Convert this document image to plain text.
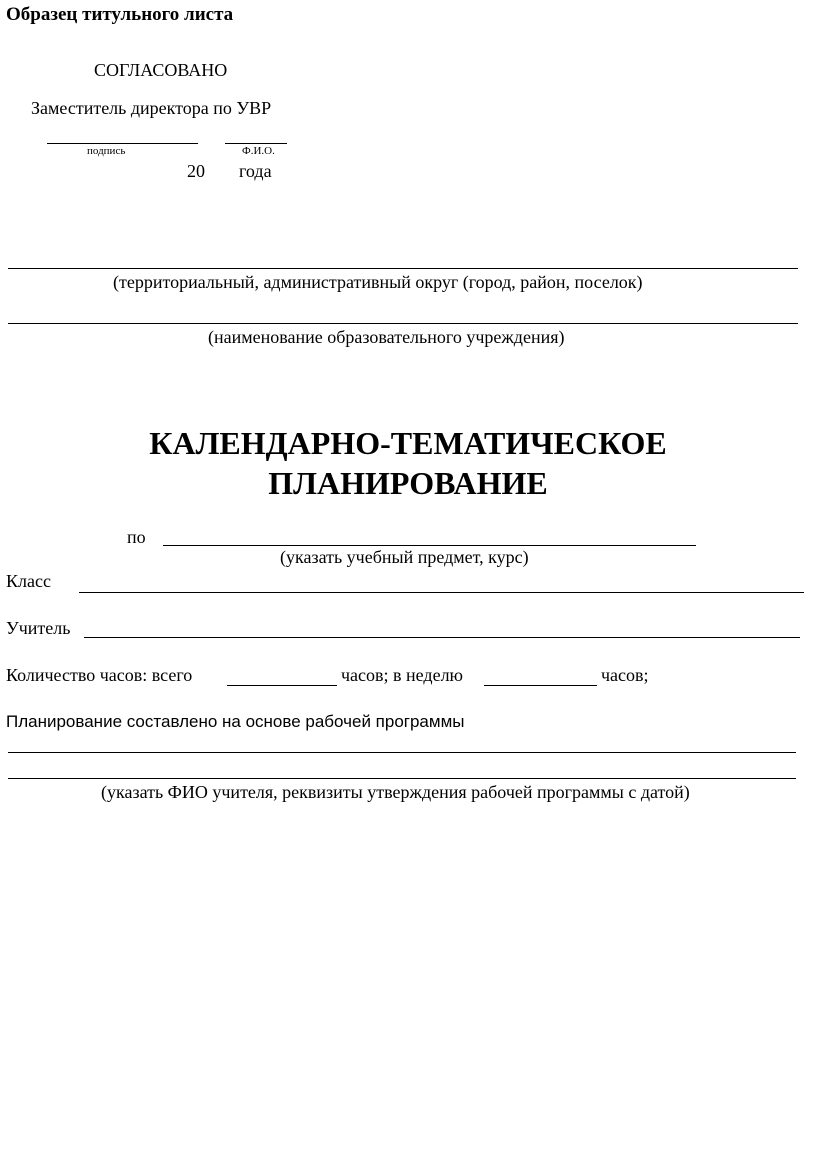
Образец титульного листа
СОГЛАСОВАНО
Заместитель директора по УВР
подпись	Ф.И.О.
20 года
(территориальный, административный округ (город, район, поселок)
(наименование образовательного учреждения)
КАЛЕНДАРНО-ТЕМАТИЧЕСКОЕ
ПЛАНИРОВАНИЕ
по
(указать учебный предмет, курс)
Класс
Учитель
Количество часов: всего	часов; в неделю	часов;
Планирование составлено на основе рабочей программы
(указать ФИО учителя, реквизиты утверждения рабочей программы с датой)
